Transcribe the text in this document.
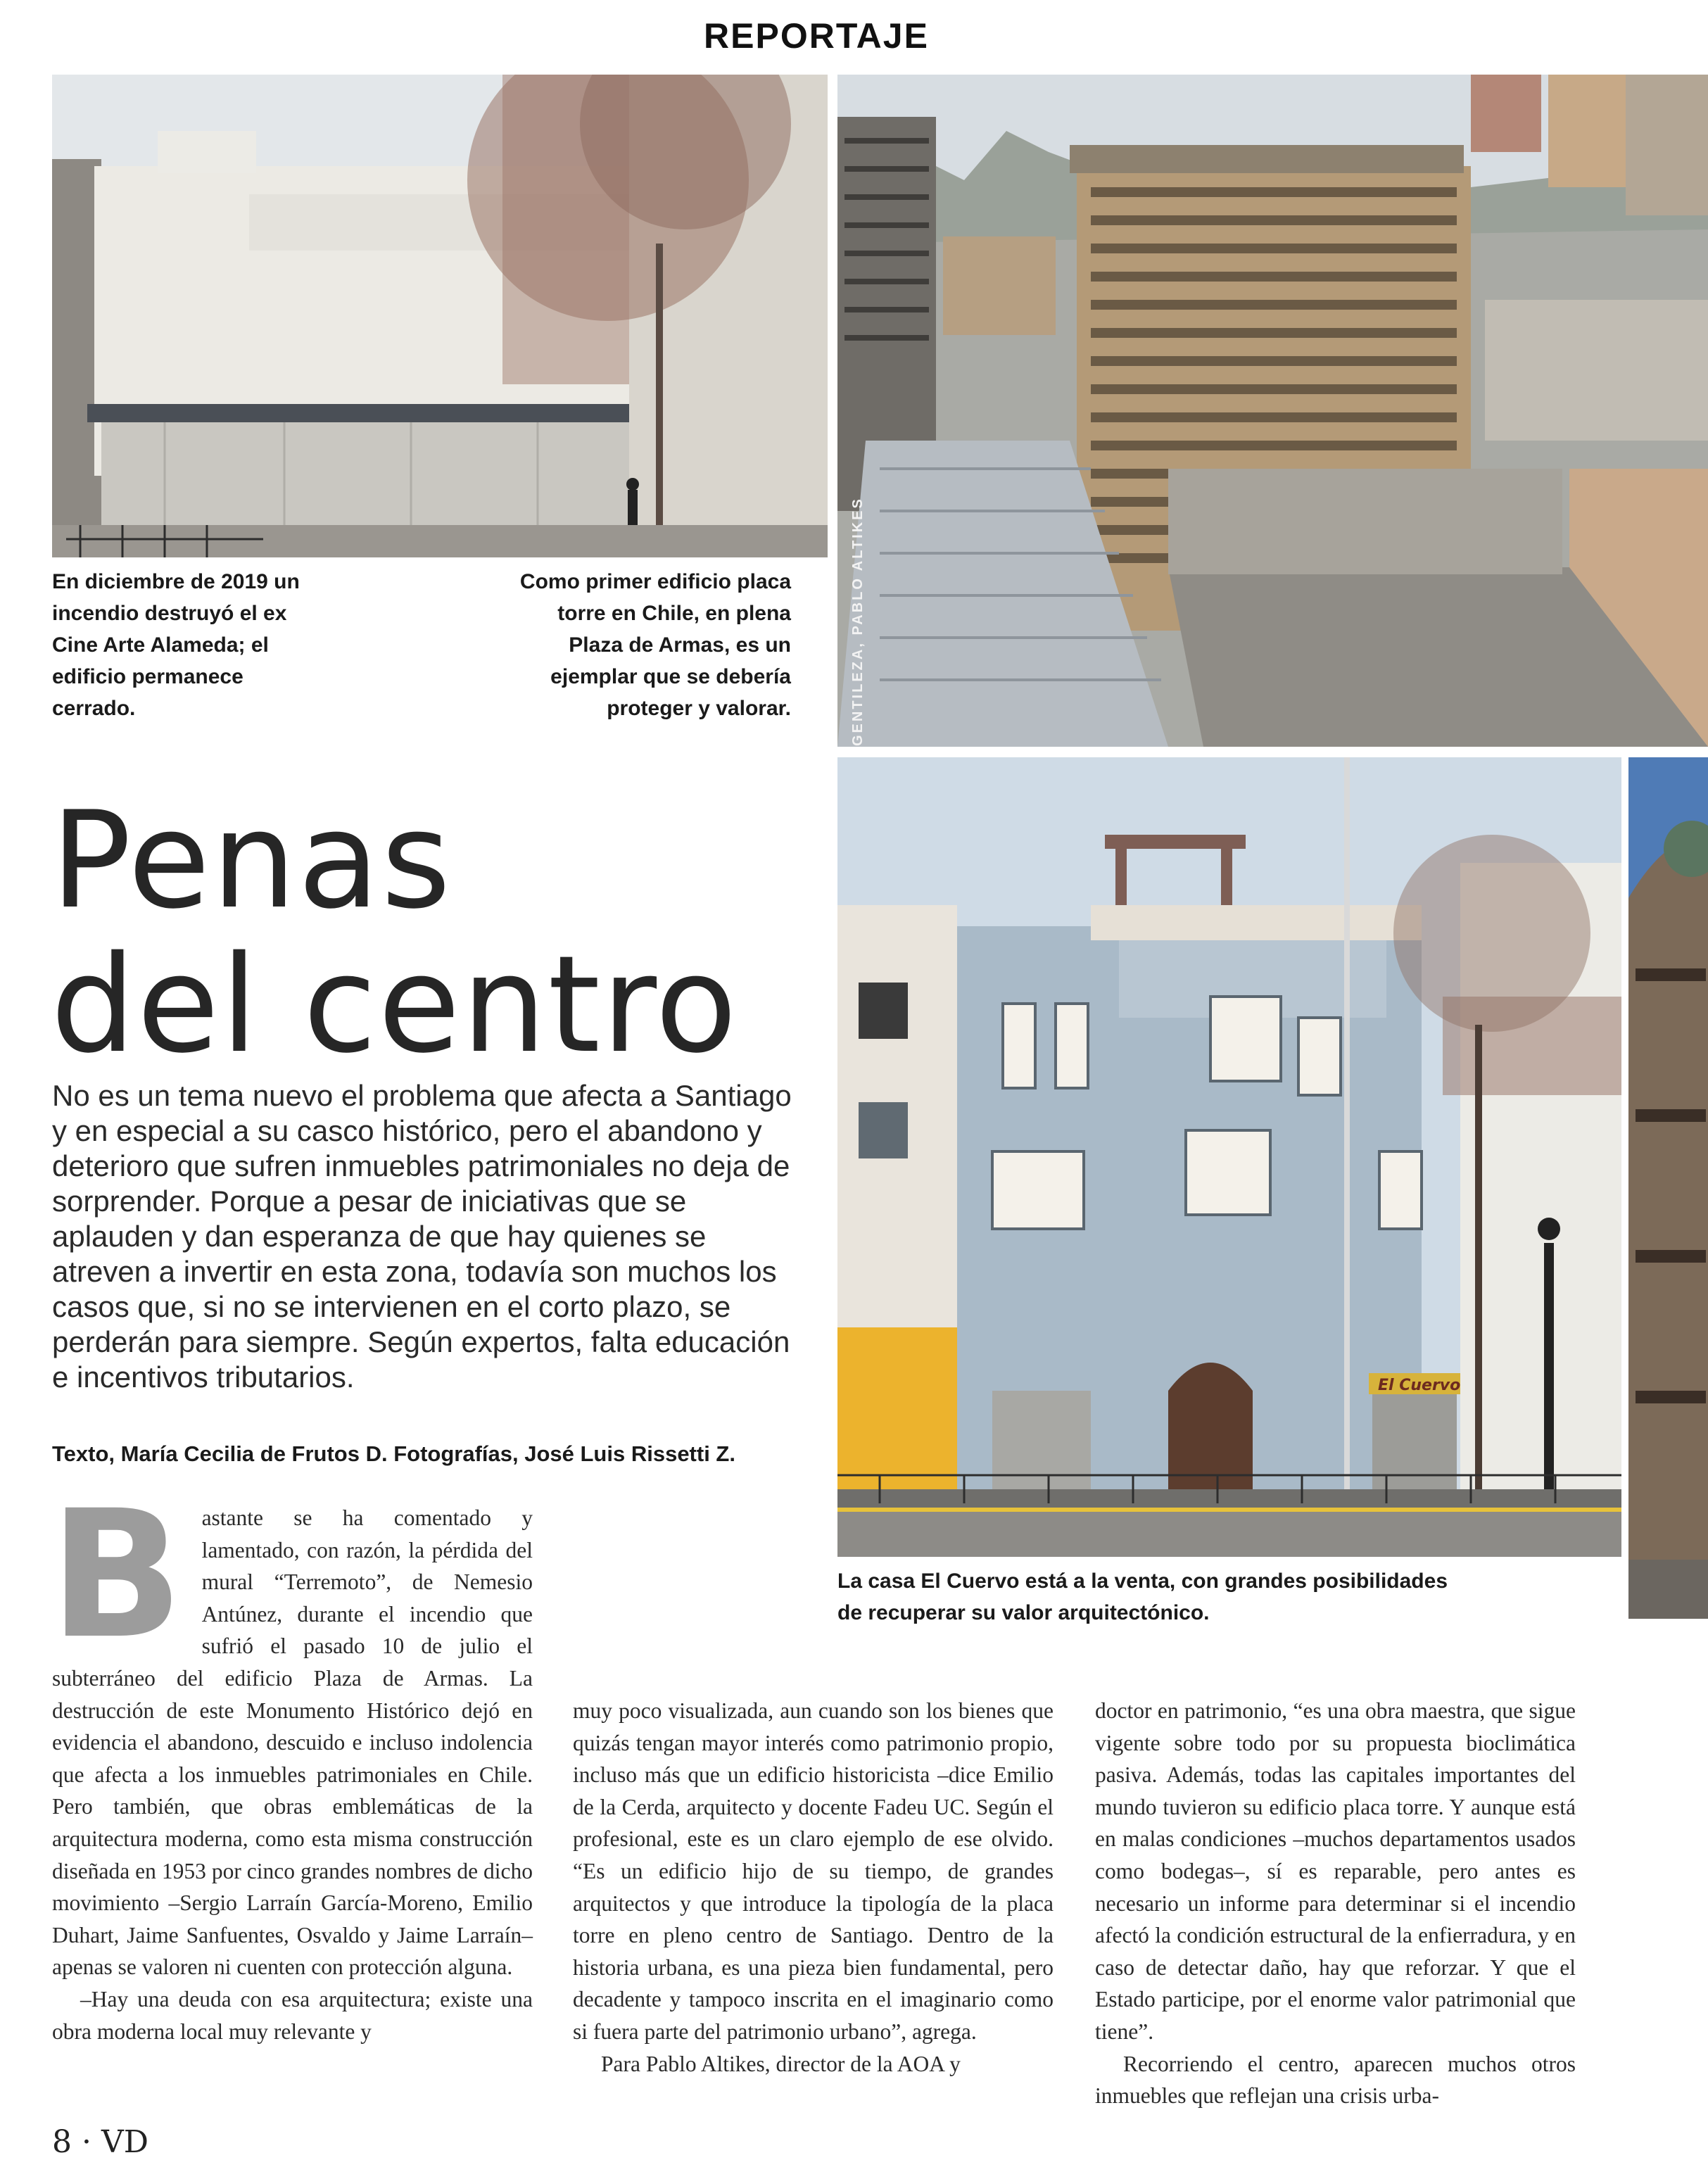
REPORTAJE
En diciembre de 2019 un incendio destruyó el ex Cine Arte Alameda; el edificio permanece cerrado.
Como primer edificio placa torre en Chile, en plena Plaza de Armas, es un ejemplar que se debería proteger y valorar.	GENTILEZA, PABLO ALTIKES
Penas
del centro
No es un tema nuevo el problema que afecta a Santiago y en especial a su casco histórico, pero el abandono y deterioro que sufren inmuebles patrimoniales no deja de sorprender. Porque a pesar de iniciativas que se aplauden y dan esperanza de que hay quienes se atreven a invertir en esta zona, todavía son muchos los casos que, si no se intervienen en el corto plazo, se perderán para siempre. Según expertos, falta educación e incentivos tributarios.
Texto, María Cecilia de Frutos D. Fotografías, José Luis Rissetti Z.
El Cuervo
La casa El Cuervo está a la venta, con grandes posibilidades de recuperar su valor arquitectónico.

Bastante se ha comentado y lamentado, con razón, la pérdida del mural “Terremoto”, de Nemesio Antúnez, durante el incendio que sufrió el pasado 10 de julio el subterráneo del edificio Plaza de Armas. La destrucción de este Monumento Histórico dejó en evidencia el abandono, descuido e incluso indolencia que afecta a los inmuebles patrimoniales en Chile. Pero también, que obras emblemáticas de la arquitectura moderna, como esta misma construcción diseñada en 1953 por cinco grandes nombres de dicho movimiento –Sergio Larraín García-Moreno, Emilio Duhart, Jaime Sanfuentes, Osvaldo y Jaime Larraín– apenas se valoren ni cuenten con protección alguna.

–Hay una deuda con esa arquitectura; existe una obra moderna local muy relevante y

muy poco visualizada, aun cuando son los bienes que quizás tengan mayor interés como patrimonio propio, incluso más que un edificio historicista –dice Emilio de la Cerda, arquitecto y docente Fadeu UC. Según el profesional, este es un claro ejemplo de ese olvido. “Es un edificio hijo de su tiempo, de grandes arquitectos y que introduce la tipología de la placa torre en pleno centro de Santiago. Dentro de la historia urbana, es una pieza bien fundamental, pero decadente y tampoco inscrita en el imaginario como si fuera parte del patrimonio urbano”, agrega.

Para Pablo Altikes, director de la AOA y

doctor en patrimonio, “es una obra maestra, que sigue vigente sobre todo por su propuesta bioclimática pasiva. Además, todas las capitales importantes del mundo tuvieron su edificio placa torre. Y aunque está en malas condiciones –muchos departamentos usados como bodegas–, sí es reparable, pero antes es necesario un informe para determinar si el incendio afectó la condición estructural de la enfierradura, y en caso de detectar daño, hay que reforzar. Y que el Estado participe, por el enorme valor patrimonial que tiene”.

Recorriendo el centro, aparecen muchos otros inmuebles que reflejan una crisis urba-

8 · VD
